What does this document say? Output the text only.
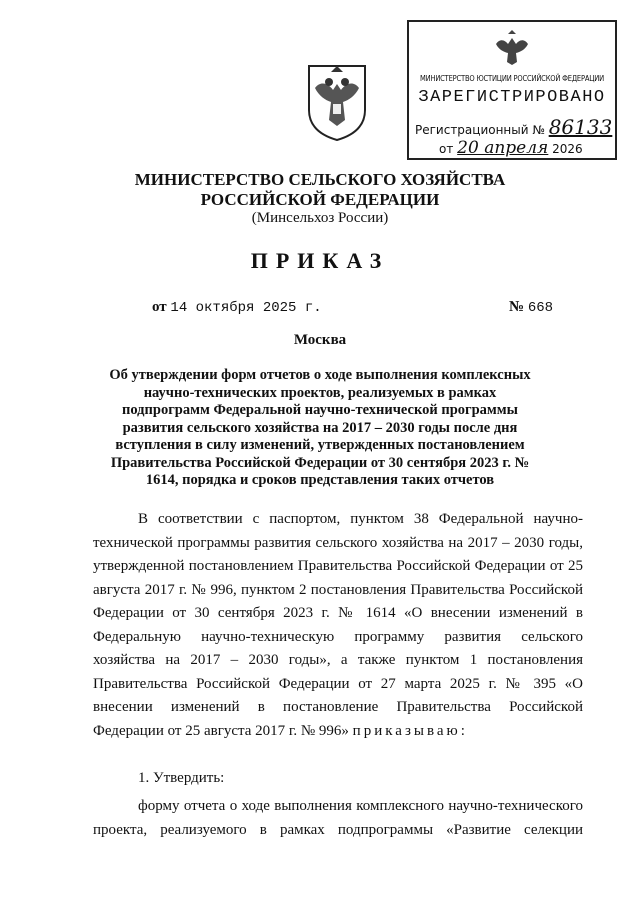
МИНИСТЕРСТВО ЮСТИЦИИ РОССИЙСКОЙ ФЕДЕРАЦИИ
ЗАРЕГИСТРИРОВАНО
Регистрационный № 86133
от 20 апреля 2026
МИНИСТЕРСТВО СЕЛЬСКОГО ХОЗЯЙСТВА
РОССИЙСКОЙ ФЕДЕРАЦИИ
(Минсельхоз России)
ПРИКАЗ
от 14 октября 2025 г.	№ 668
Москва
Об утверждении форм отчетов о ходе выполнения комплексных научно-технических проектов, реализуемых в рамках подпрограмм Федеральной научно-технической программы развития сельского хозяйства на 2017 – 2030 годы после дня вступления в силу изменений, утвержденных постановлением Правительства Российской Федерации от 30 сентября 2023 г. № 1614, порядка и сроков представления таких отчетов
В соответствии с паспортом, пунктом 38 Федеральной научно-технической программы развития сельского хозяйства на 2017 – 2030 годы, утвержденной постановлением Правительства Российской Федерации от 25 августа 2017 г. № 996, пунктом 2 постановления Правительства Российской Федерации от 30 сентября 2023 г. № 1614 «О внесении изменений в Федеральную научно-техническую программу развития сельского хозяйства на 2017 – 2030 годы», а также пунктом 1 постановления Правительства Российской Федерации от 27 марта 2025 г. № 395 «О внесении изменений в постановление Правительства Российской Федерации от 25 августа 2017 г. № 996» приказываю:
1. Утвердить:
форму отчета о ходе выполнения комплексного научно-технического проекта, реализуемого в рамках подпрограммы «Развитие селекции
